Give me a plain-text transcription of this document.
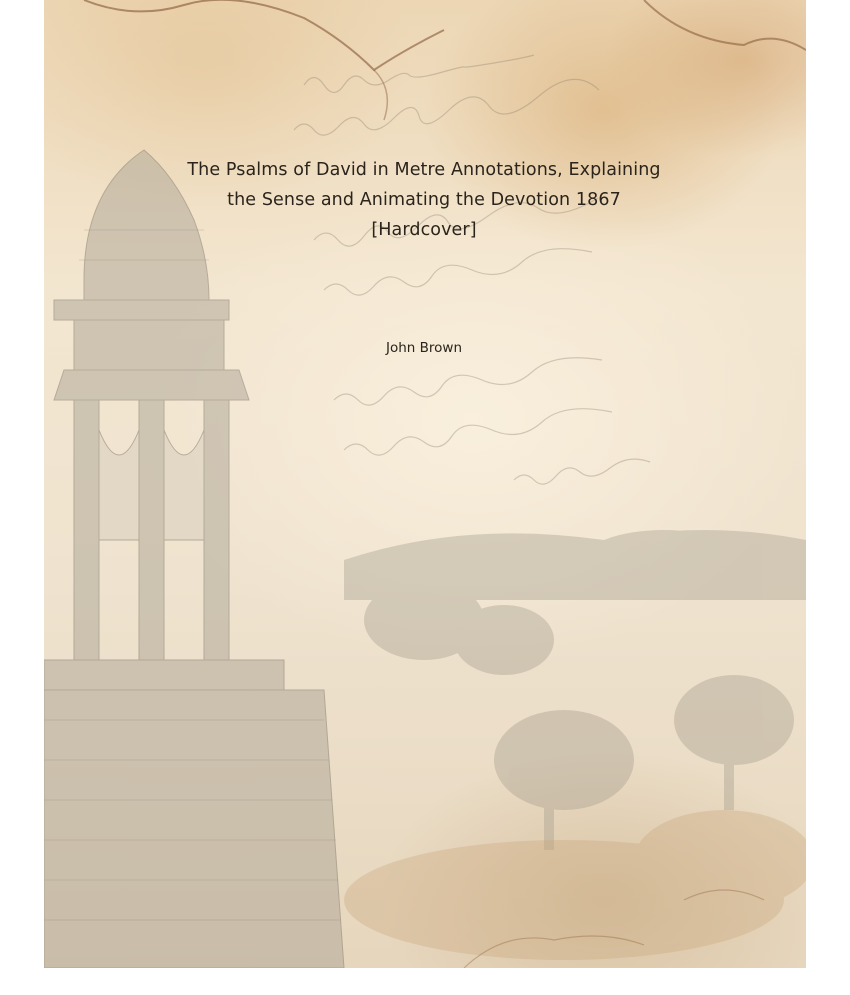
The Psalms of David in Metre Annotations, Explaining

the Sense and Animating the Devotion 1867

[Hardcover]

John Brown
